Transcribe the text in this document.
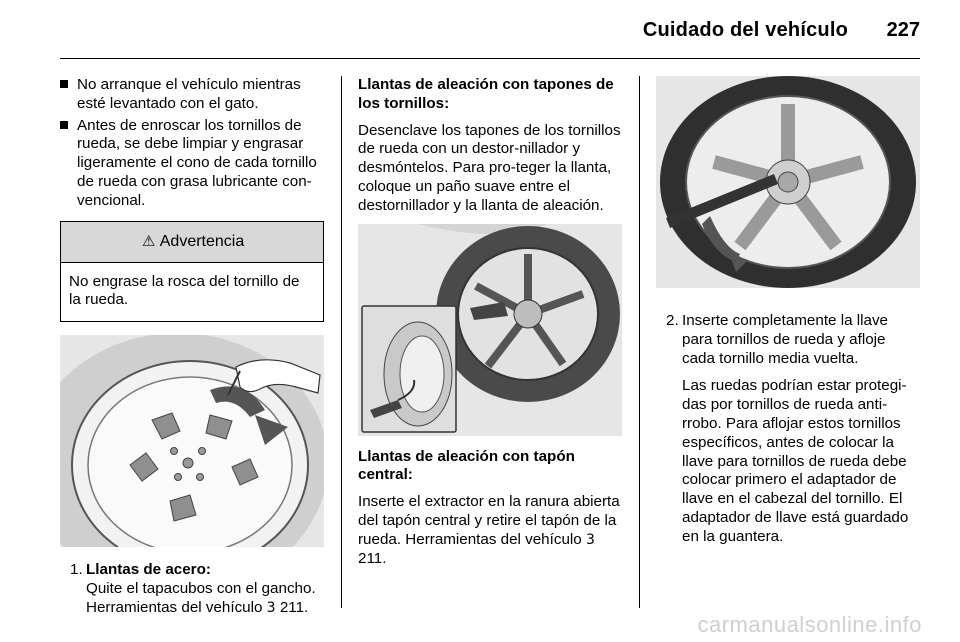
Cuidado del vehículo 227
No arranque el vehículo mientras esté levantado con el gato.
Antes de enroscar los tornillos de rueda, se debe limpiar y engrasar ligeramente el cono de cada tornillo de rueda con grasa lubricante con-vencional.
⚠ Advertencia
No engrase la rosca del tornillo de la rueda.
1. Llantas de acero:

Quite el tapacubos con el gancho. Herramientas del vehículo 3 211.

Llantas de aleación con tapones de los tornillos:

Desenclave los tapones de los tornillos de rueda con un destor-nillador y desmóntelos. Para pro-teger la llanta, coloque un paño suave entre el destornillador y la llanta de aleación.

Llantas de aleación con tapón central:

Inserte el extractor en la ranura abierta del tapón central y retire el tapón de la rueda. Herramientas del vehículo 3 211.

2. Inserte completamente la llave para tornillos de rueda y afloje cada tornillo media vuelta.

Las ruedas podrían estar protegi-das por tornillos de rueda anti-rrobo. Para aflojar estos tornillos específicos, antes de colocar la llave para tornillos de rueda debe colocar primero el adaptador de llave en el cabezal del tornillo. El adaptador de llave está guardado en la guantera.

carmanualsonline.info
